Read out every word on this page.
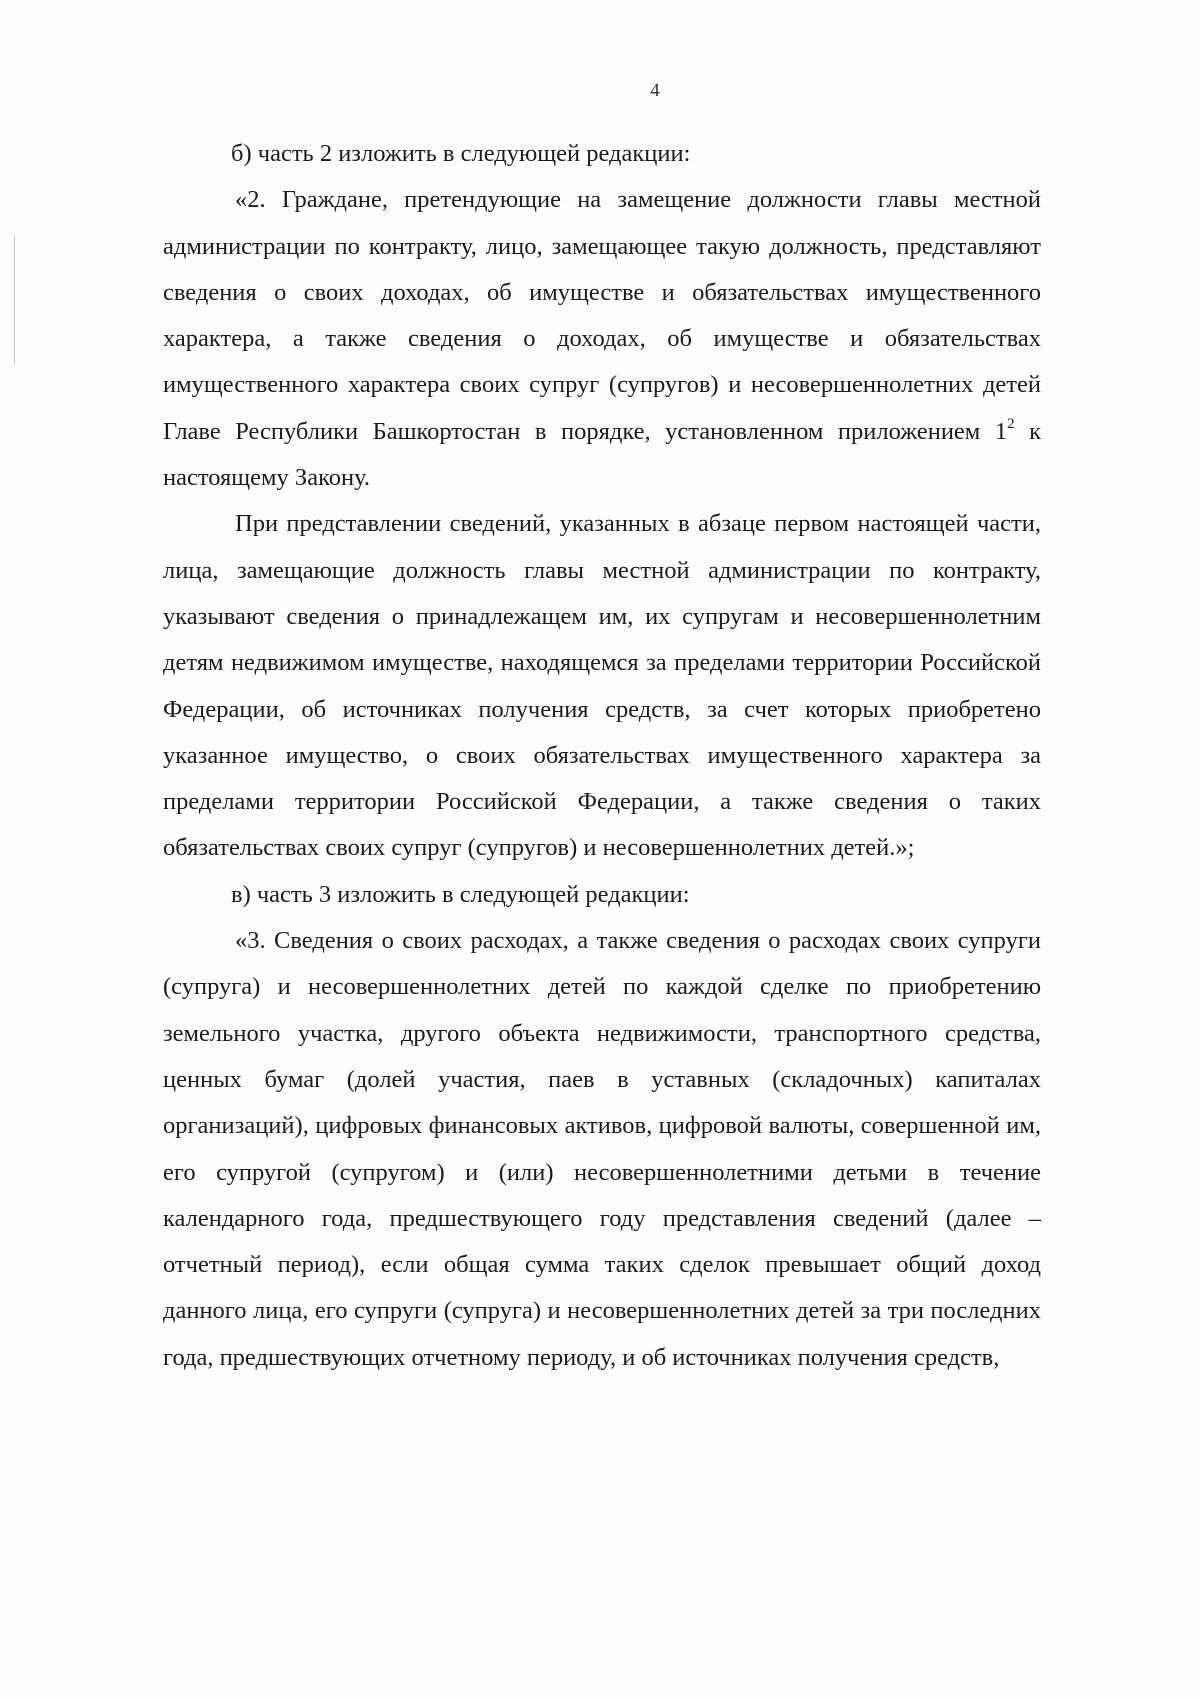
4

б) часть 2 изложить в следующей редакции:

«2. Граждане, претендующие на замещение должности главы местной администрации по контракту, лицо, замещающее такую должность, представляют сведения о своих доходах, об имуществе и обязательствах имущественного характера, а также сведения о доходах, об имуществе и обязательствах имущественного характера своих супруг (супругов) и несовершеннолетних детей Главе Республики Башкортостан в порядке, установленном приложением $1^2$ к настоящему Закону.

При представлении сведений, указанных в абзаце первом настоящей части, лица, замещающие должность главы местной администрации по контракту, указывают сведения о принадлежащем им, их супругам и несовершеннолетним детям недвижимом имуществе, находящемся за пределами территории Российской Федерации, об источниках получения средств, за счет которых приобретено указанное имущество, о своих обязательствах имущественного характера за пределами территории Российской Федерации, а также сведения о таких обязательствах своих супруг (супругов) и несовершеннолетних детей.»;

в) часть 3 изложить в следующей редакции:

«3. Сведения о своих расходах, а также сведения о расходах своих супруги (супруга) и несовершеннолетних детей по каждой сделке по приобретению земельного участка, другого объекта недвижимости, транспортного средства, ценных бумаг (долей участия, паев в уставных (складочных) капиталах организаций), цифровых финансовых активов, цифровой валюты, совершенной им, его супругой (супругом) и (или) несовершеннолетними детьми в течение календарного года, предшествующего году представления сведений (далее – отчетный период), если общая сумма таких сделок превышает общий доход данного лица, его супруги (супруга) и несовершеннолетних детей за три последних года, предшествующих отчетному периоду, и об источниках получения средств,
